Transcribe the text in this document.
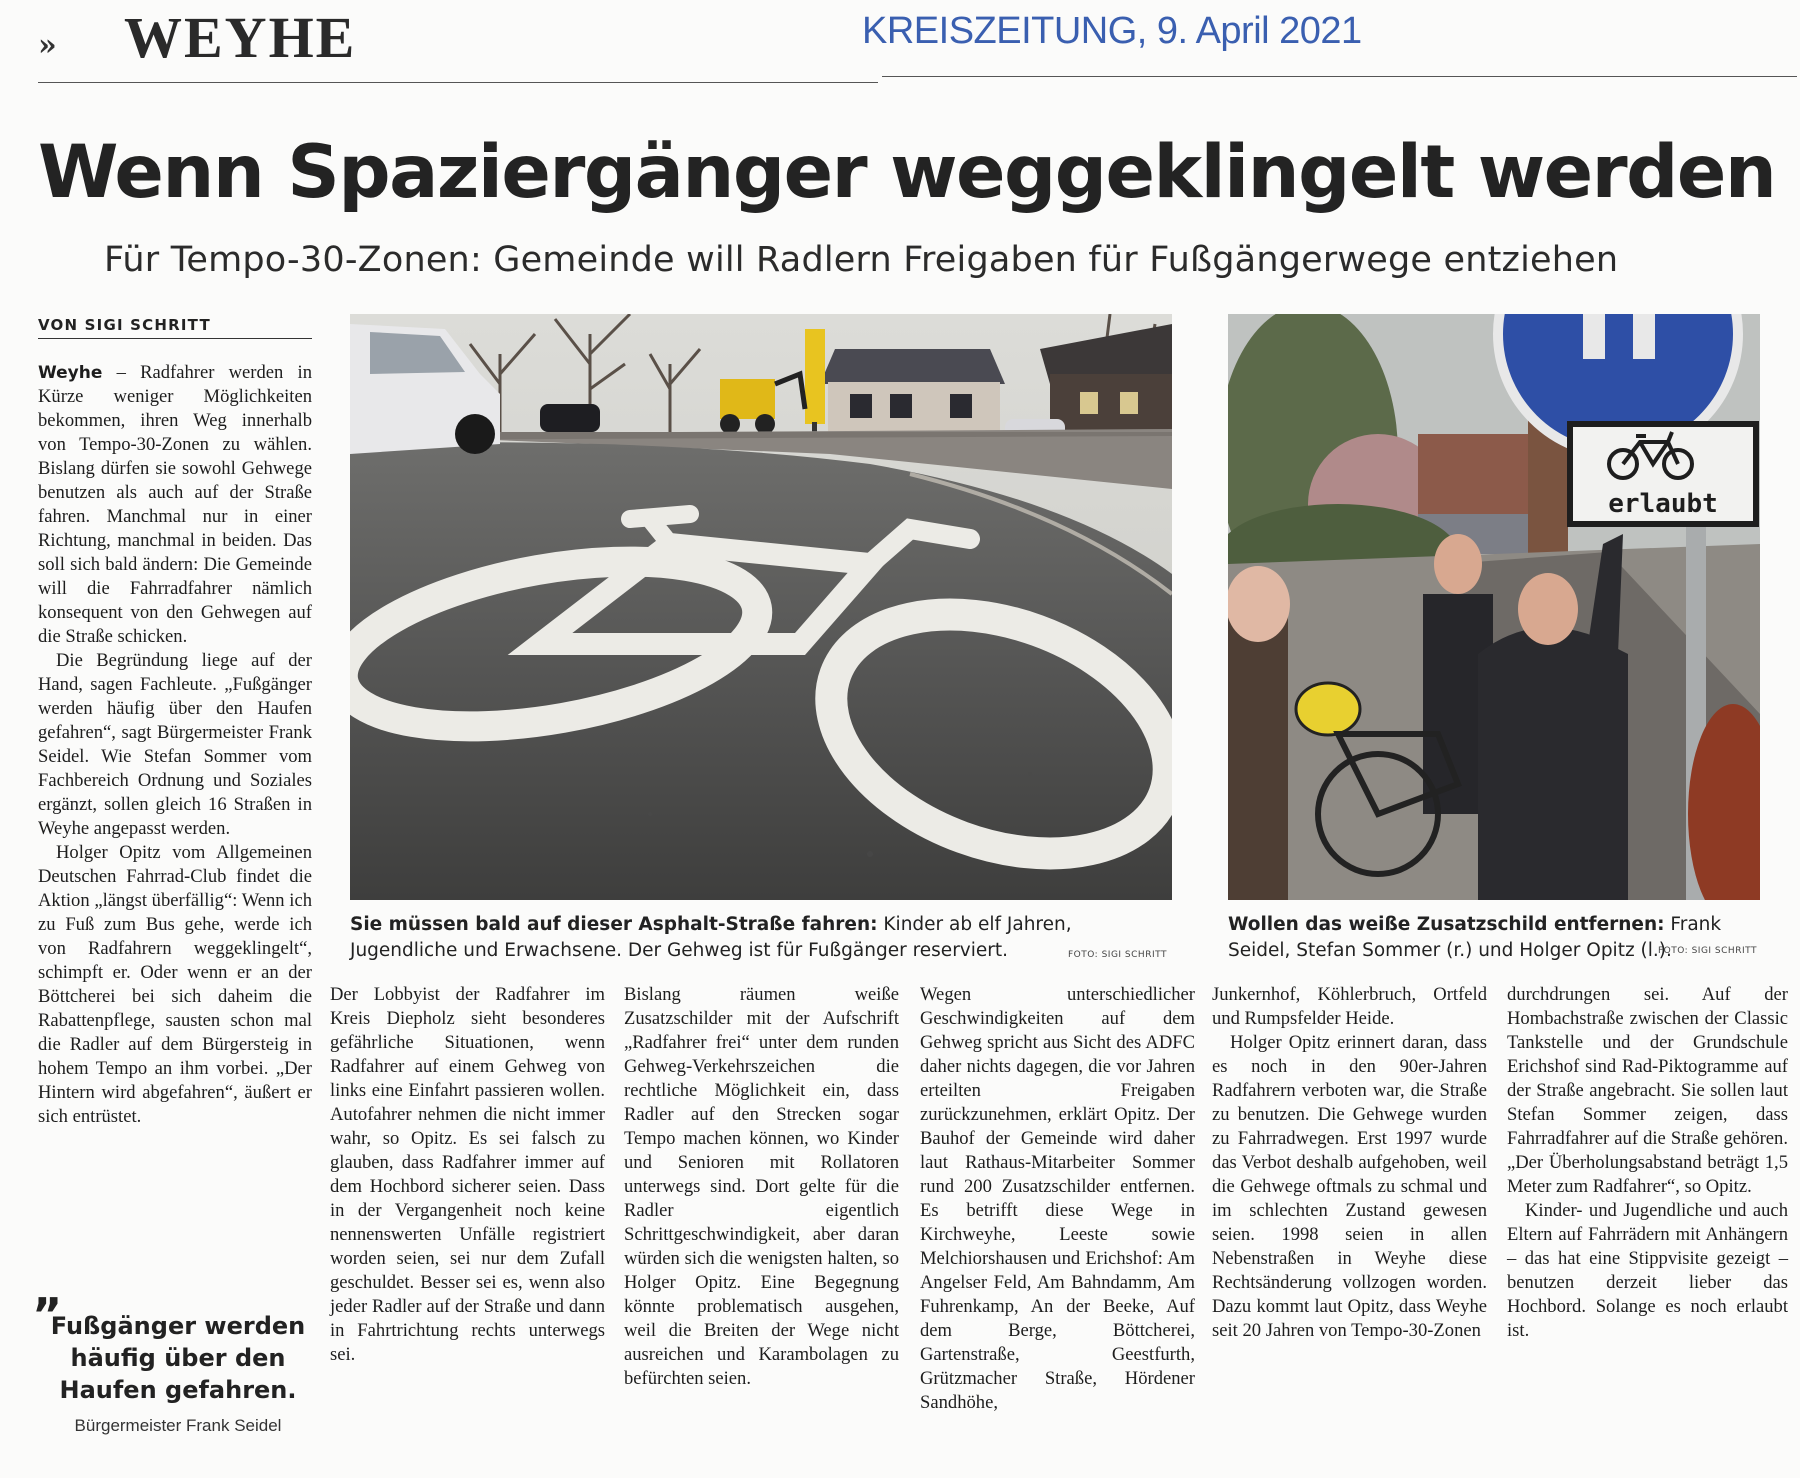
» WEYHE	KREISZEITUNG, 9. April 2021
Wenn Spaziergänger weggeklingelt werden
Für Tempo-30-Zonen: Gemeinde will Radlern Freigaben für Fußgängerwege entziehen
VON SIGI SCHRITT

Weyhe – Radfahrer werden in Kürze weniger Möglichkeiten bekommen, ihren Weg innerhalb von Tempo-30-Zonen zu wählen. Bislang dürfen sie sowohl Gehwege benutzen als auch auf der Straße fahren. Manchmal nur in einer Richtung, manchmal in beiden. Das soll sich bald ändern: Die Gemeinde will die Fahrradfahrer nämlich konsequent von den Gehwegen auf die Straße schicken.

Die Begründung liege auf der Hand, sagen Fachleute. „Fußgänger werden häufig über den Haufen gefahren“, sagt Bürgermeister Frank Seidel. Wie Stefan Sommer vom Fachbereich Ordnung und Soziales ergänzt, sollen gleich 16 Straßen in Weyhe angepasst werden.

Holger Opitz vom Allgemeinen Deutschen Fahrrad-Club findet die Aktion „längst überfällig“: Wenn ich zu Fuß zum Bus gehe, werde ich von Radfahrern weggeklingelt“, schimpft er. Oder wenn er an der Böttcherei bei sich daheim die Rabattenpflege, sausten schon mal die Radler auf dem Bürgersteig in hohem Tempo an ihm vorbei. „Der Hintern wird abgefahren“, äußert er sich entrüstet.

”
Fußgänger werden häufig über den Haufen gefahren.
Bürgermeister Frank Seidel
Sie müssen bald auf dieser Asphalt-Straße fahren: Kinder ab elf Jahren, Jugendliche und Erwachsene. Der Gehweg ist für Fußgänger reserviert.	FOTO: SIGI SCHRITT
erlaubt
Wollen das weiße Zusatzschild entfernen: Frank Seidel, Stefan Sommer (r.) und Holger Opitz (l.).
FOTO: SIGI SCHRITT

Der Lobbyist der Radfahrer im Kreis Diepholz sieht besonderes gefährliche Situationen, wenn Radfahrer auf einem Gehweg von links eine Einfahrt passieren wollen. Autofahrer nehmen die nicht immer wahr, so Opitz. Es sei falsch zu glauben, dass Radfahrer immer auf dem Hochbord sicherer seien. Dass in der Vergangenheit noch keine nennenswerten Unfälle registriert worden seien, sei nur dem Zufall geschuldet. Besser sei es, wenn also jeder Radler auf der Straße und dann in Fahrtrichtung rechts unterwegs sei.

Bislang räumen weiße Zusatzschilder mit der Aufschrift „Radfahrer frei“ unter dem runden Gehweg-Verkehrszeichen die rechtliche Möglichkeit ein, dass Radler auf den Strecken sogar Tempo machen können, wo Kinder und Senioren mit Rollatoren unterwegs sind. Dort gelte für die Radler eigentlich Schrittgeschwindigkeit, aber daran würden sich die wenigsten halten, so Holger Opitz. Eine Begegnung könnte problematisch ausgehen, weil die Breiten der Wege nicht ausreichen und Karambolagen zu befürchten seien.

Wegen unterschiedlicher Geschwindigkeiten auf dem Gehweg spricht aus Sicht des ADFC daher nichts dagegen, die vor Jahren erteilten Freigaben zurückzunehmen, erklärt Opitz. Der Bauhof der Gemeinde wird daher laut Rathaus-Mitarbeiter Sommer rund 200 Zusatzschilder entfernen. Es betrifft diese Wege in Kirchweyhe, Leeste sowie Melchiorshausen und Erichshof: Am Angelser Feld, Am Bahndamm, Am Fuhrenkamp, An der Beeke, Auf dem Berge, Böttcherei, Gartenstraße, Geestfurth, Grützmacher Straße, Hördener Sandhöhe,

Junkernhof, Köhlerbruch, Ortfeld und Rumpsfelder Heide.

Holger Opitz erinnert daran, dass es noch in den 90er-Jahren Radfahrern verboten war, die Straße zu benutzen. Die Gehwege wurden zu Fahrradwegen. Erst 1997 wurde das Verbot deshalb aufgehoben, weil die Gehwege oftmals zu schmal und im schlechten Zustand gewesen seien. 1998 seien in allen Nebenstraßen in Weyhe diese Rechtsänderung vollzogen worden. Dazu kommt laut Opitz, dass Weyhe seit 20 Jahren von Tempo-30-Zonen

durchdrungen sei. Auf der Hombachstraße zwischen der Classic Tankstelle und der Grundschule Erichshof sind Rad-Piktogramme auf der Straße angebracht. Sie sollen laut Stefan Sommer zeigen, dass Fahrradfahrer auf die Straße gehören. „Der Überholungsabstand beträgt 1,5 Meter zum Radfahrer“, so Opitz.

Kinder- und Jugendliche und auch Eltern auf Fahrrädern mit Anhängern – das hat eine Stippvisite gezeigt – benutzen derzeit lieber das Hochbord. Solange es noch erlaubt ist.
